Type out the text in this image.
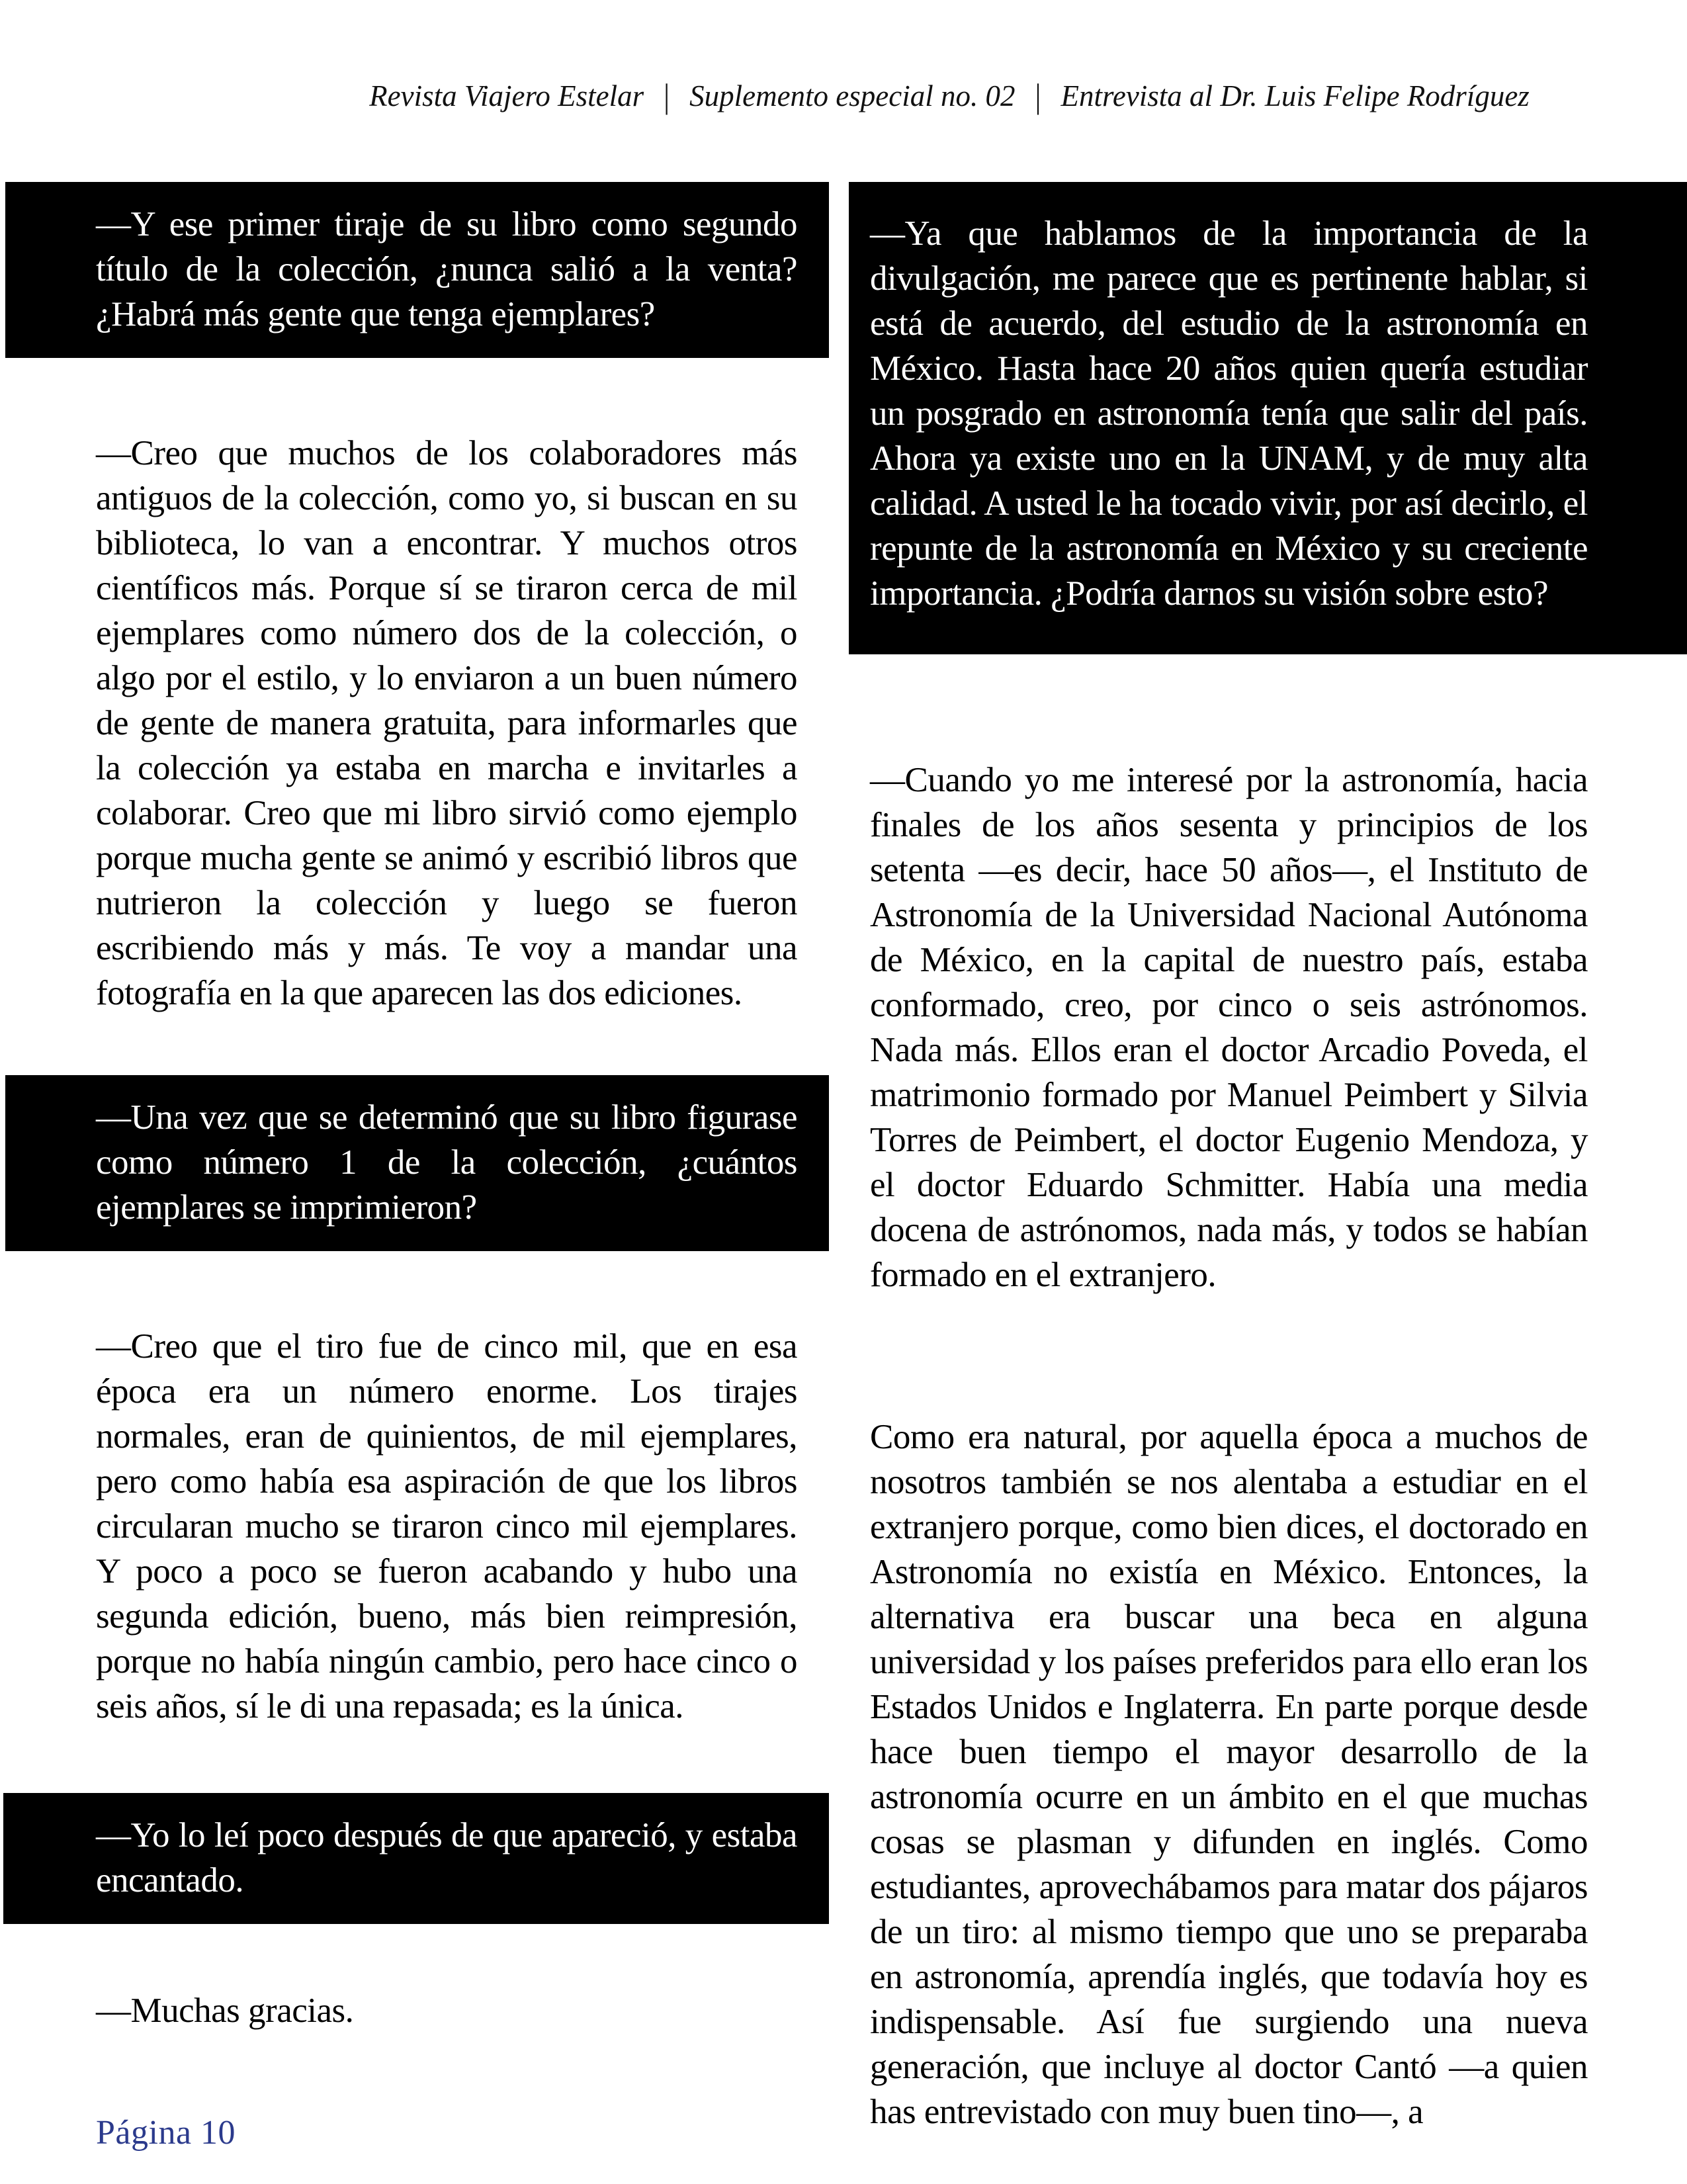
Revista Viajero Estelar | Suplemento especial no. 02 | Entrevista al Dr. Luis Felipe Rodríguez

—Y ese primer tiraje de su libro como segundo título de la colección, ¿nunca salió a la venta? ¿Habrá más gente que tenga ejemplares?

—Creo que muchos de los colaboradores más antiguos de la colección, como yo, si buscan en su biblioteca, lo van a encontrar. Y muchos otros científicos más. Porque sí se tiraron cerca de mil ejemplares como número dos de la colección, o algo por el estilo, y lo enviaron a un buen número de gente de manera gratuita, para informarles que la colección ya estaba en marcha e invitarles a colaborar. Creo que mi libro sirvió como ejemplo porque mucha gente se animó y escribió libros que nutrieron la colección y luego se fueron escribiendo más y más. Te voy a mandar una fotografía en la que aparecen las dos ediciones.

—Una vez que se determinó que su libro figurase como número 1 de la colección, ¿cuántos ejemplares se imprimieron?

—Creo que el tiro fue de cinco mil, que en esa época era un número enorme. Los tirajes normales, eran de quinientos, de mil ejemplares, pero como había esa aspiración de que los libros circularan mucho se tiraron cinco mil ejemplares. Y poco a poco se fueron acabando y hubo una segunda edición, bueno, más bien reimpresión, porque no había ningún cambio, pero hace cinco o seis años, sí le di una repasada; es la única.

—Yo lo leí poco después de que apareció, y estaba encantado.

—Muchas gracias.

—Ya que hablamos de la importancia de la divulgación, me parece que es pertinente hablar, si está de acuerdo, del estudio de la astronomía en México. Hasta hace 20 años quien quería estudiar un posgrado en astronomía tenía que salir del país. Ahora ya existe uno en la UNAM, y de muy alta calidad. A usted le ha tocado vivir, por así decirlo, el repunte de la astronomía en México y su creciente importancia. ¿Podría darnos su visión sobre esto?

—Cuando yo me interesé por la astronomía, hacia finales de los años sesenta y principios de los setenta —es decir, hace 50 años—, el Instituto de Astronomía de la Universidad Nacional Autónoma de México, en la capital de nuestro país, estaba conformado, creo, por cinco o seis astrónomos. Nada más. Ellos eran el doctor Arcadio Poveda, el matrimonio formado por Manuel Peimbert y Silvia Torres de Peimbert, el doctor Eugenio Mendoza, y el doctor Eduardo Schmitter. Había una media docena de astrónomos, nada más, y todos se habían formado en el extranjero.

Como era natural, por aquella época a muchos de nosotros también se nos alentaba a estudiar en el extranjero porque, como bien dices, el doctorado en Astronomía no existía en México. Entonces, la alternativa era buscar una beca en alguna universidad y los países preferidos para ello eran los Estados Unidos e Inglaterra. En parte porque desde hace buen tiempo el mayor desarrollo de la astronomía ocurre en un ámbito en el que muchas cosas se plasman y difunden en inglés. Como estudiantes, aprovechábamos para matar dos pájaros de un tiro: al mismo tiempo que uno se preparaba en astronomía, aprendía inglés, que todavía hoy es indispensable. Así fue surgiendo una nueva generación, que incluye al doctor Cantó —a quien has entrevistado con muy buen tino—, a

Página 10
